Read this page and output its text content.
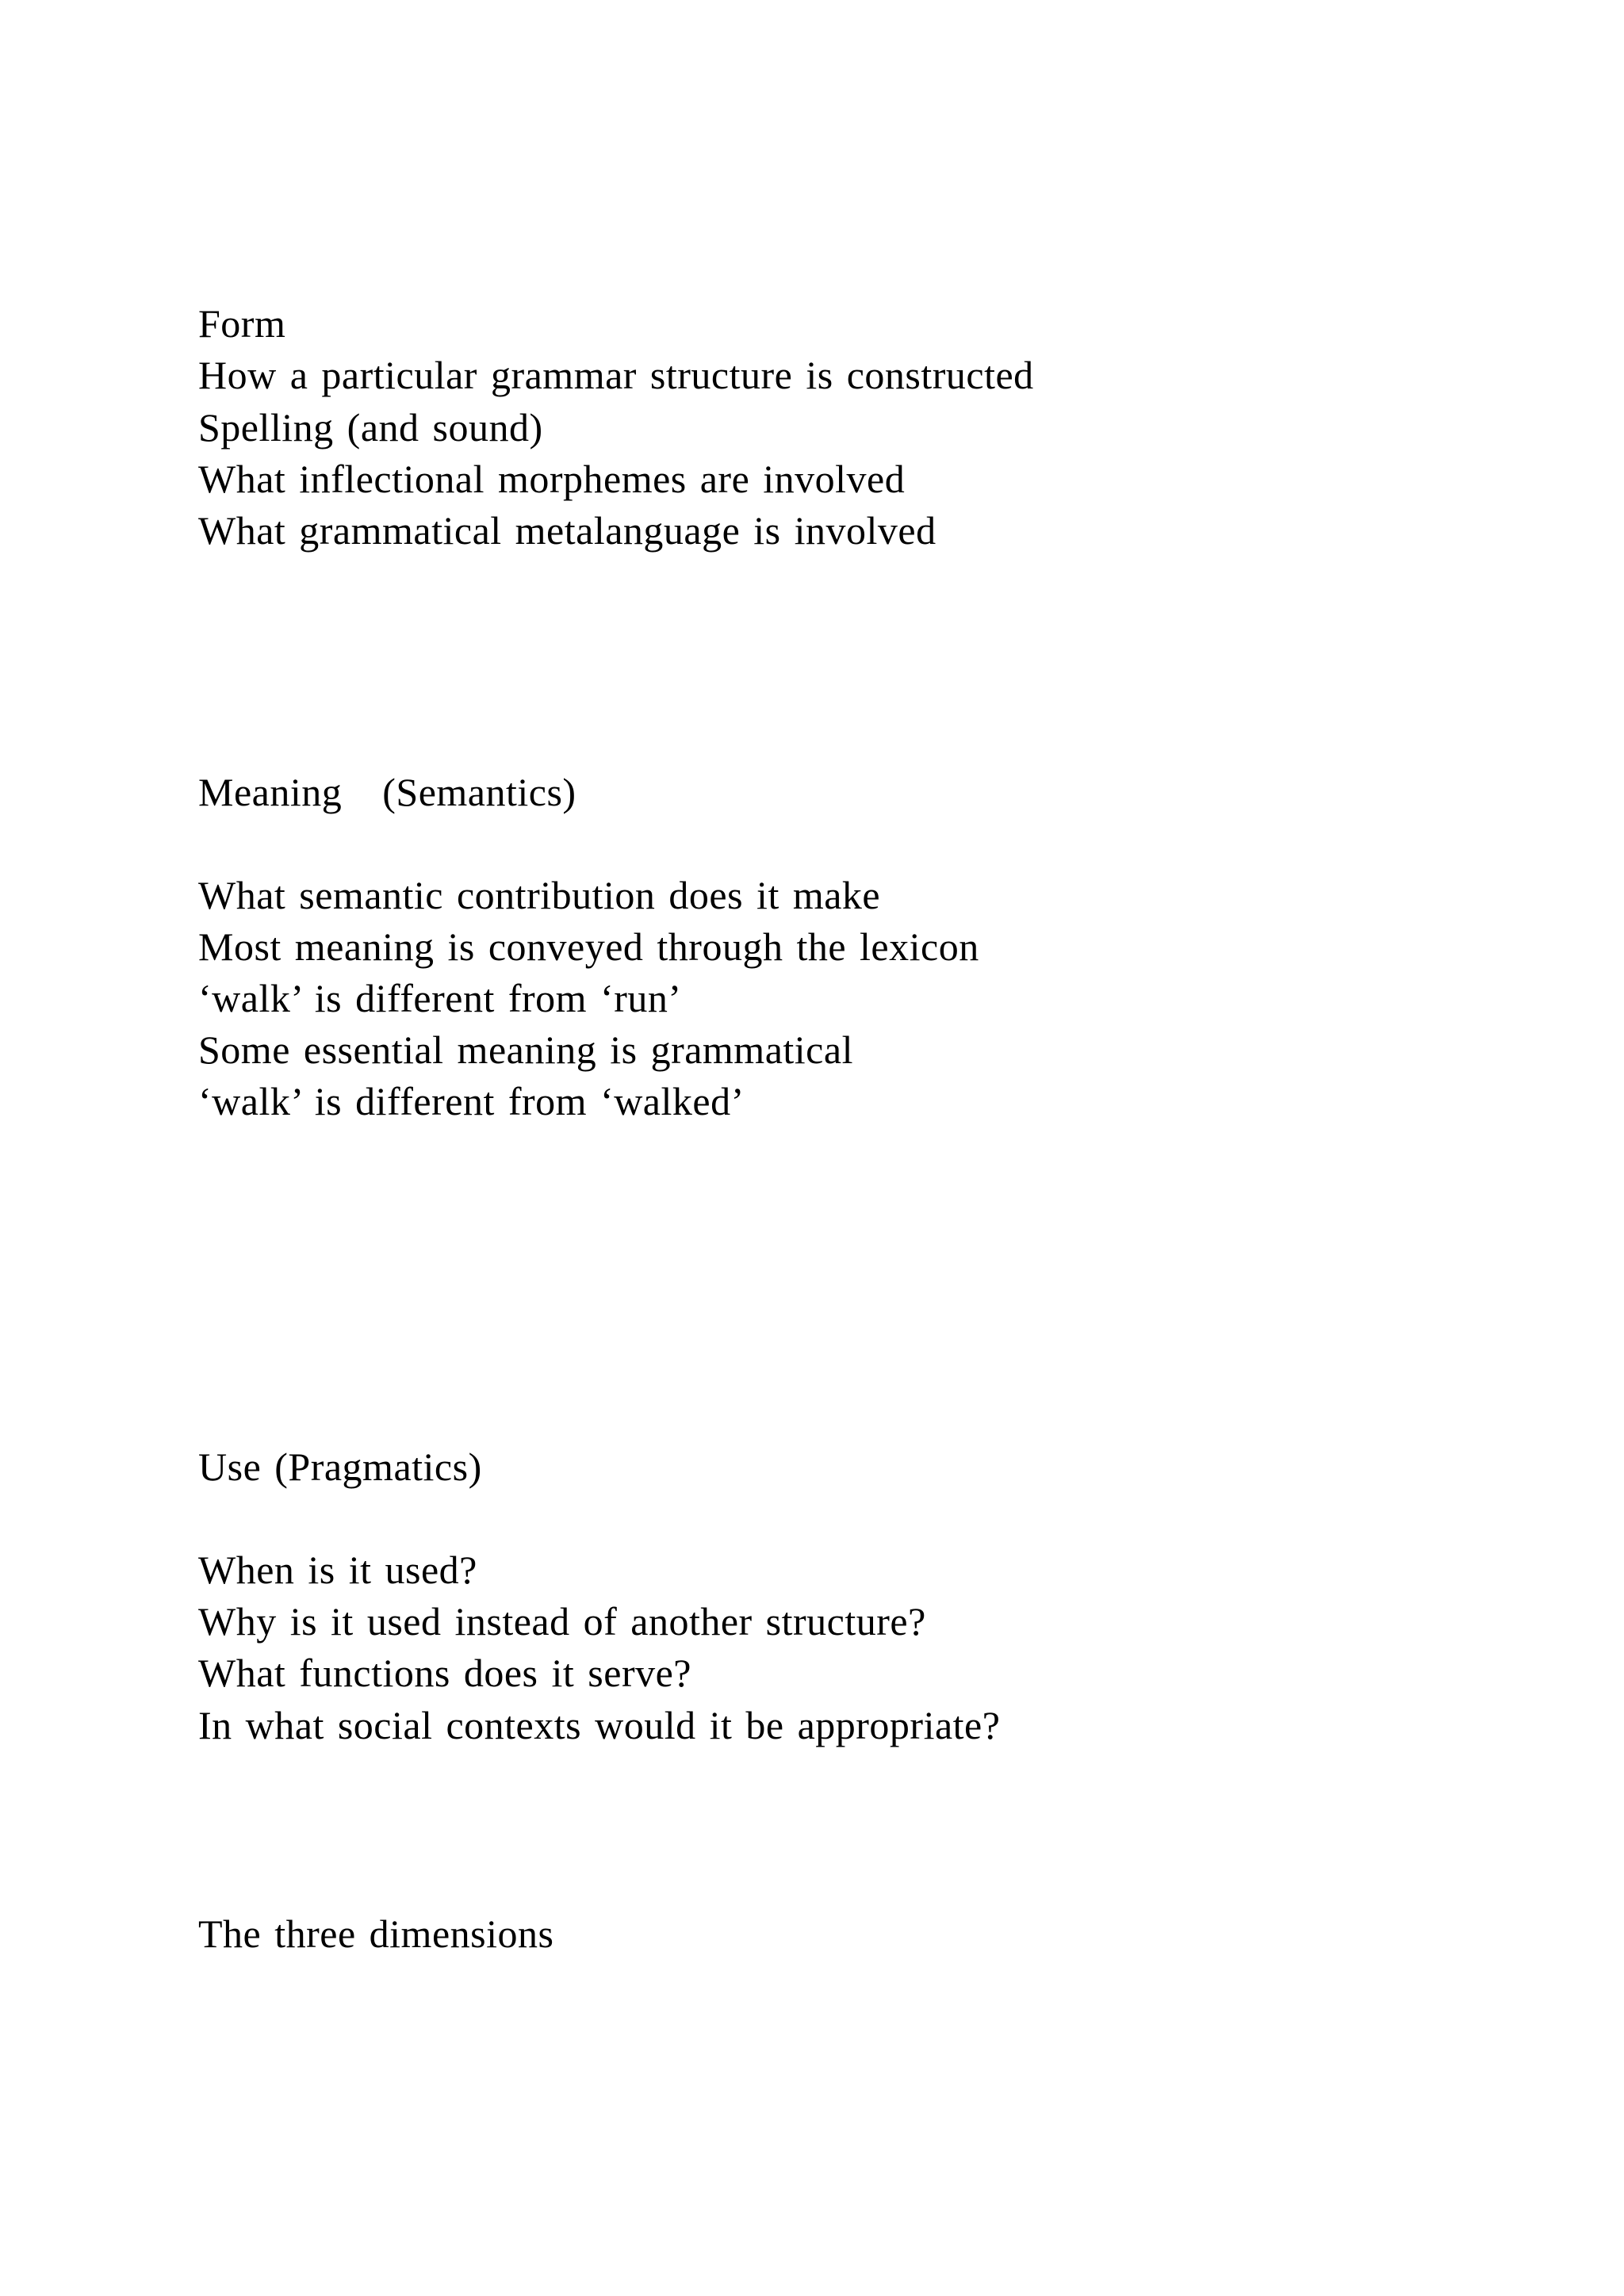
Form
How a particular grammar structure is constructed
Spelling (and sound)
What inflectional morphemes are involved
What grammatical metalanguage is involved
Meaning   (Semantics)
What semantic contribution does it make
Most meaning is conveyed through the lexicon
‘walk’ is different from ‘run’
Some essential meaning is grammatical
‘walk’ is different from ‘walked’
Use (Pragmatics)
When is it used?
Why is it used instead of another structure?
What functions does it serve?
In what social contexts would it be appropriate?
The three dimensions
